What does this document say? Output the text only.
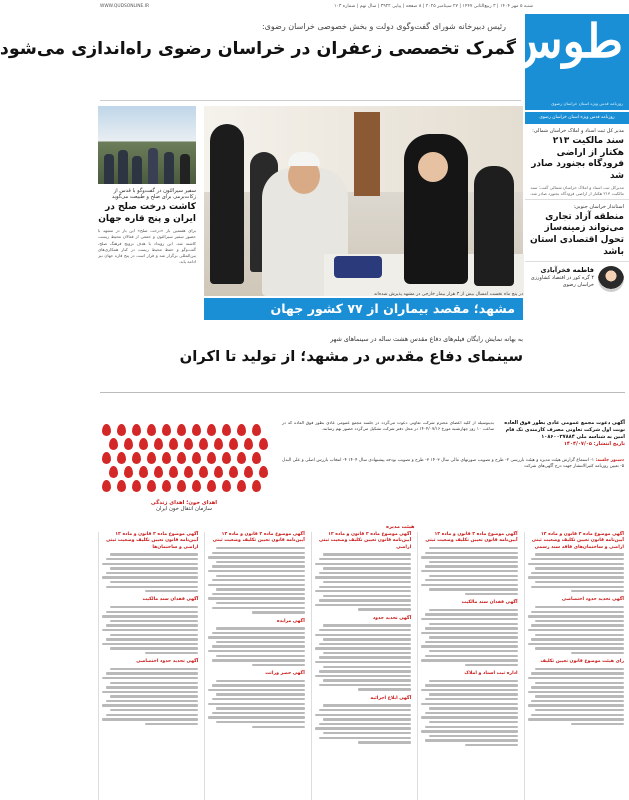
شنبه ۵ مهر ۱۴۰۴ | ۳ ربیع‌الثانی ۱۴۴۷ | ۲۷ سپتامبر ۲۰۲۵ | ۸ صفحه | پیاپی ۳۹۲۲ | سال نهم | شماره ۱۰۳
WWW.QUDSONLINE.IR
طوس
روزنامه قدس ویژه استان خراسان رضوی
رئیس دبیرخانه شورای گفت‌وگوی دولت و بخش خصوصی خراسان رضوی:
گمرک تخصصی زعفران در خراسان رضوی راه‌اندازی می‌شود
روزنامه قدس ویژه استان خراسان رضوی
مدیر کل ثبت اسناد و املاک خراسان شمالی:
سند مالکیت ۲۱۳ هکتار از اراضی فرودگاه بجنورد صادر شد
مدیرکل ثبت اسناد و املاک خراسان شمالی گفت: سند مالکیت ۲۱۳ هکتار از اراضی فرودگاه بجنورد صادر شد.
استاندار خراسان جنوبی:
منطقه آزاد تجاری می‌تواند زمینه‌ساز تحول اقتصادی استان باشد
فاطمه فخرآبادی
۴ گره کور در اقتصاد کشاورزی خراسان رضوی
سفیر سیرالئون در گفت‌وگو با قدس از زکات‌برمی‌ برای صلح و طبیعت می‌گوید
کاشت درخت صلح در ایران و پنج قاره جهان
برای هفتمین بار «درخت صلح» این بار در مشهد با حضور سفیر سیرالئون و جمعی از فعالان محیط زیست کاشته شد. این رویداد با هدف ترویج فرهنگ صلح، گفت‌وگو و حفظ محیط زیست در کنار همکاری‌های بین‌المللی برگزار شد و قرار است در پنج قاره جهان نیز ادامه یابد.
در پنج ماه نخست امسال بیش از ۳ هزار بیمار خارجی در مشهد پذیرش شده‌اند
مشهد؛ مقصد بیماران از ۷۷ کشور جهان
به بهانه نمایش رایگان فیلم‌های دفاع مقدس هشت ساله در سینماهای شهر
سینمای دفاع مقدس در مشهد؛ از تولید تا اکران
آگهی دعوت مجمع عمومی عادی بطور فوق العاده نوبت اول شرکت تعاونی مصرف کارمندی تک فام امین به شناسه ملی ۱۰۸۶۰۰۳۷۸۸۴
تاریخ انتشار: ۱۴۰۴/۰۷/۰۵
بدینوسیله از کلیه اعضای محترم شرکت تعاونی دعوت می‌گردد در جلسه مجمع عمومی عادی بطور فوق العاده که در ساعت ۱۰ روز چهارشنبه مورخ ۱۴۰۴/۰۷/۱۶ در محل دفتر شرکت تشکیل می‌گردد حضور بهم رسانند.
دستور جلسه: ۱- استماع گزارش هیئت مدیره و هیئت بازرسی ۲- طرح و تصویب صورتهای مالی سال ۱۴۰۳ ۳- طرح و تصویب بودجه پیشنهادی سال ۱۴۰۴ ۴- انتخاب بازرس اصلی و علی البدل ۵- تعیین روزنامه کثیرالانتشار جهت درج آگهی‌های شرکت
هیئت مدیره
اهدای خون؛ اهدای زندگی
سازمان انتقال خون ایران
آگهی موضوع ماده ۳ قانون و ماده ۱۳ آیین‌نامه قانون تعیین تکلیف وضعیت ثبتی اراضی و ساختمان‌های فاقد سند رسمی
آگهی تحدید حدود اختصاصی
رای هیئت موضوع قانون تعیین تکلیف
آگهی موضوع ماده ۳ قانون و ماده ۱۳ آیین‌نامه قانون تعیین تکلیف وضعیت ثبتی
آگهی فقدان سند مالکیت
اداره ثبت اسناد و املاک
آگهی موضوع ماده ۳ قانون و ماده ۱۳ آیین‌نامه قانون تعیین تکلیف وضعیت ثبتی اراضی
آگهی تحدید حدود
آگهی ابلاغ اجرائیه
آگهی موضوع ماده ۳ قانون و ماده ۱۳ آیین‌نامه قانون تعیین تکلیف وضعیت ثبتی
آگهی مزایده
آگهی حصر وراثت
آگهی موضوع ماده ۳ قانون و ماده ۱۳ آیین‌نامه قانون تعیین تکلیف وضعیت ثبتی اراضی و ساختمان‌ها
آگهی فقدان سند مالکیت
آگهی تحدید حدود اختصاصی
